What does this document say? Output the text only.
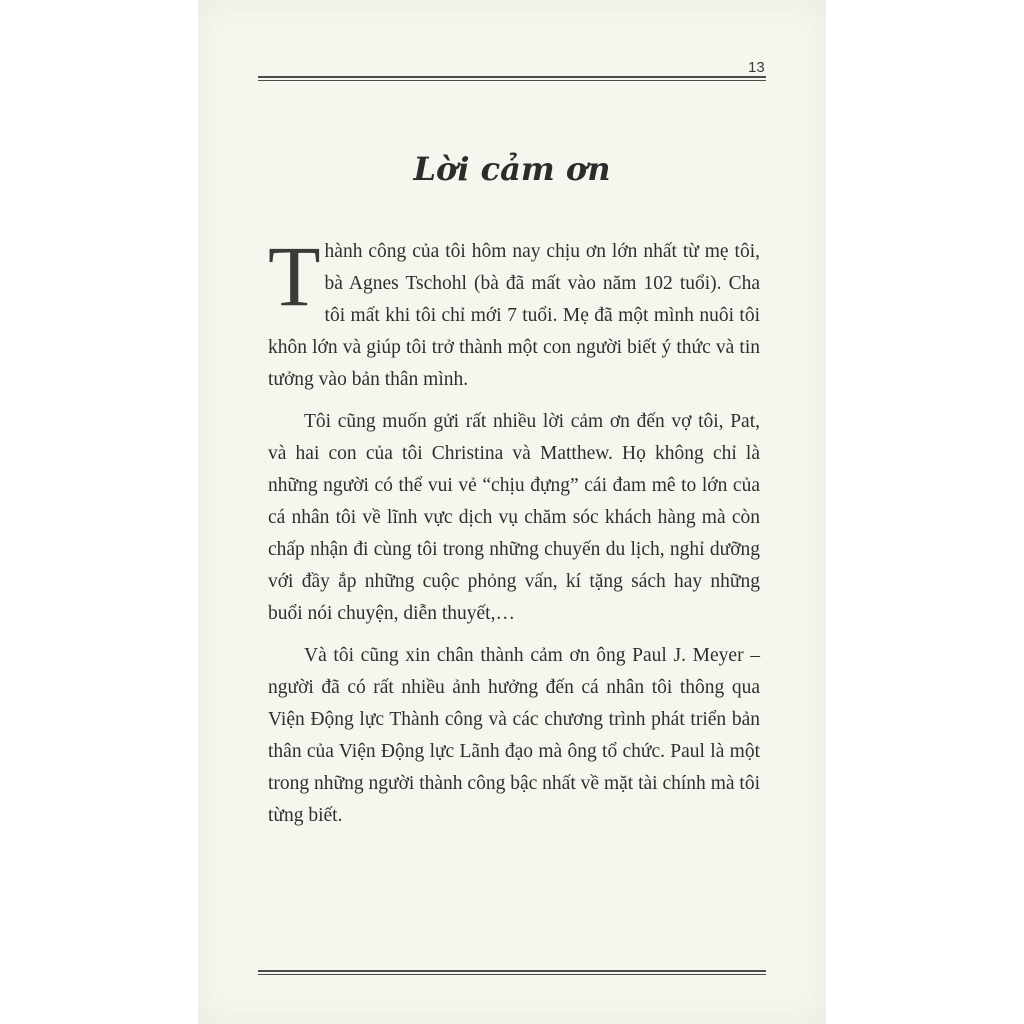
13
Lời cảm ơn

Thành công của tôi hôm nay chịu ơn lớn nhất từ mẹ tôi, bà Agnes Tschohl (bà đã mất vào năm 102 tuổi). Cha tôi mất khi tôi chỉ mới 7 tuổi. Mẹ đã một mình nuôi tôi khôn lớn và giúp tôi trở thành một con người biết ý thức và tin tưởng vào bản thân mình.

Tôi cũng muốn gửi rất nhiều lời cảm ơn đến vợ tôi, Pat, và hai con của tôi Christina và Matthew. Họ không chỉ là những người có thể vui vẻ “chịu đựng” cái đam mê to lớn của cá nhân tôi về lĩnh vực dịch vụ chăm sóc khách hàng mà còn chấp nhận đi cùng tôi trong những chuyến du lịch, nghỉ dưỡng với đầy ắp những cuộc phỏng vấn, kí tặng sách hay những buổi nói chuyện, diễn thuyết,…

Và tôi cũng xin chân thành cảm ơn ông Paul J. Meyer – người đã có rất nhiều ảnh hưởng đến cá nhân tôi thông qua Viện Động lực Thành công và các chương trình phát triển bản thân của Viện Động lực Lãnh đạo mà ông tổ chức. Paul là một trong những người thành công bậc nhất về mặt tài chính mà tôi từng biết.
